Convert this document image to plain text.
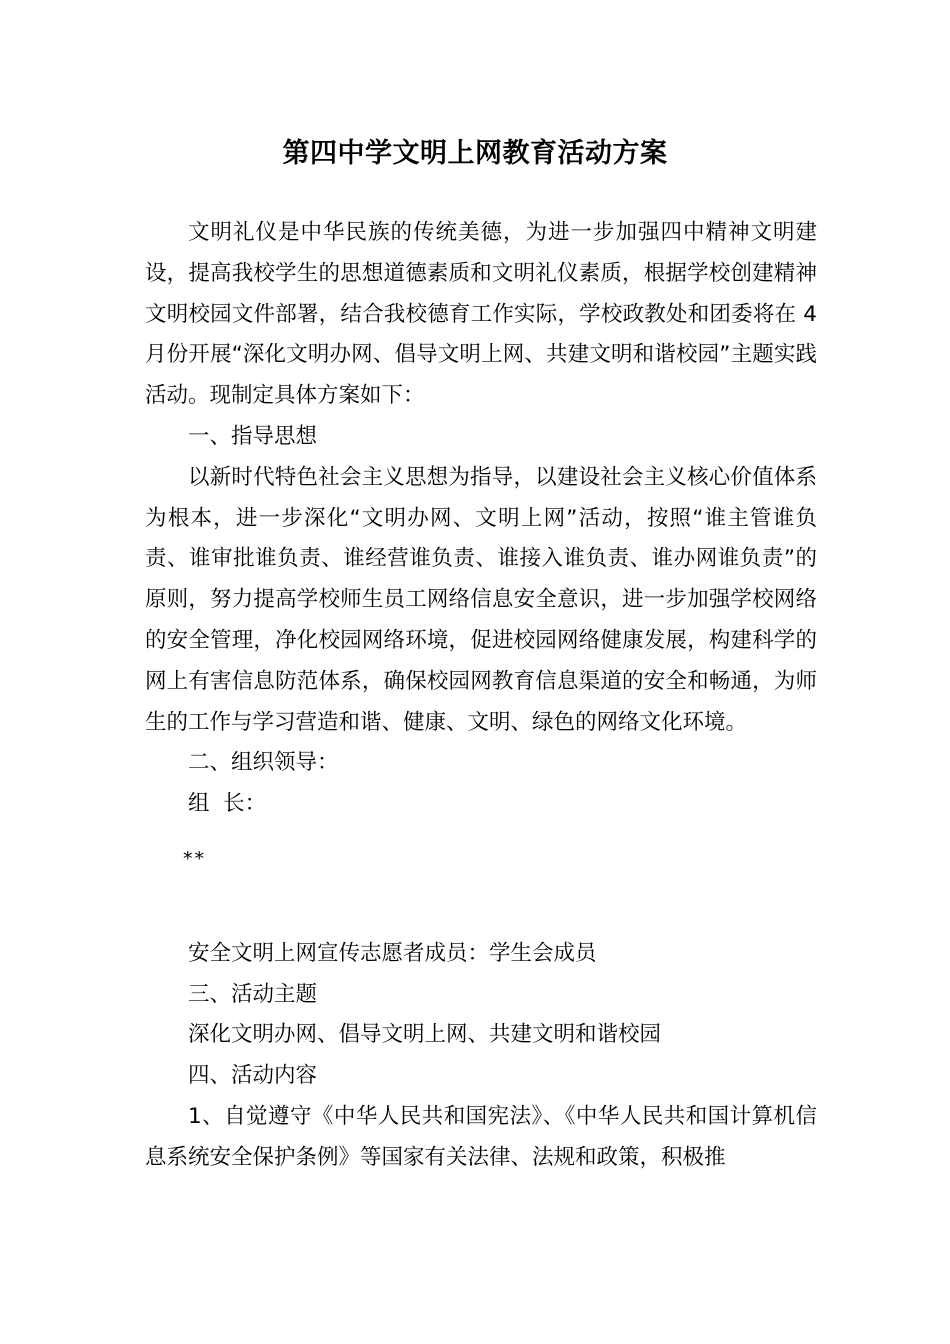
第四中学文明上网教育活动方案

文明礼仪是中华民族的传统美德，为进一步加强四中精神文明建设，提高我校学生的思想道德素质和文明礼仪素质，根据学校创建精神文明校园文件部署，结合我校德育工作实际，学校政教处和团委将在 4 月份开展“深化文明办网、倡导文明上网、共建文明和谐校园”主题实践活动。现制定具体方案如下：

一、指导思想

以新时代特色社会主义思想为指导，以建设社会主义核心价值体系为根本，进一步深化“文明办网、文明上网”活动，按照“谁主管谁负责、谁审批谁负责、谁经营谁负责、谁接入谁负责、谁办网谁负责”的原则，努力提高学校师生员工网络信息安全意识，进一步加强学校网络的安全管理，净化校园网络环境，促进校园网络健康发展，构建科学的网上有害信息防范体系，确保校园网教育信息渠道的安全和畅通，为师生的工作与学习营造和谐、健康、文明、绿色的网络文化环境。

二、组织领导：

组  长：

**

安全文明上网宣传志愿者成员：学生会成员

三、活动主题

深化文明办网、倡导文明上网、共建文明和谐校园

四、活动内容

1、自觉遵守《中华人民共和国宪法》、《中华人民共和国计算机信息系统安全保护条例》等国家有关法律、法规和政策，积极推
